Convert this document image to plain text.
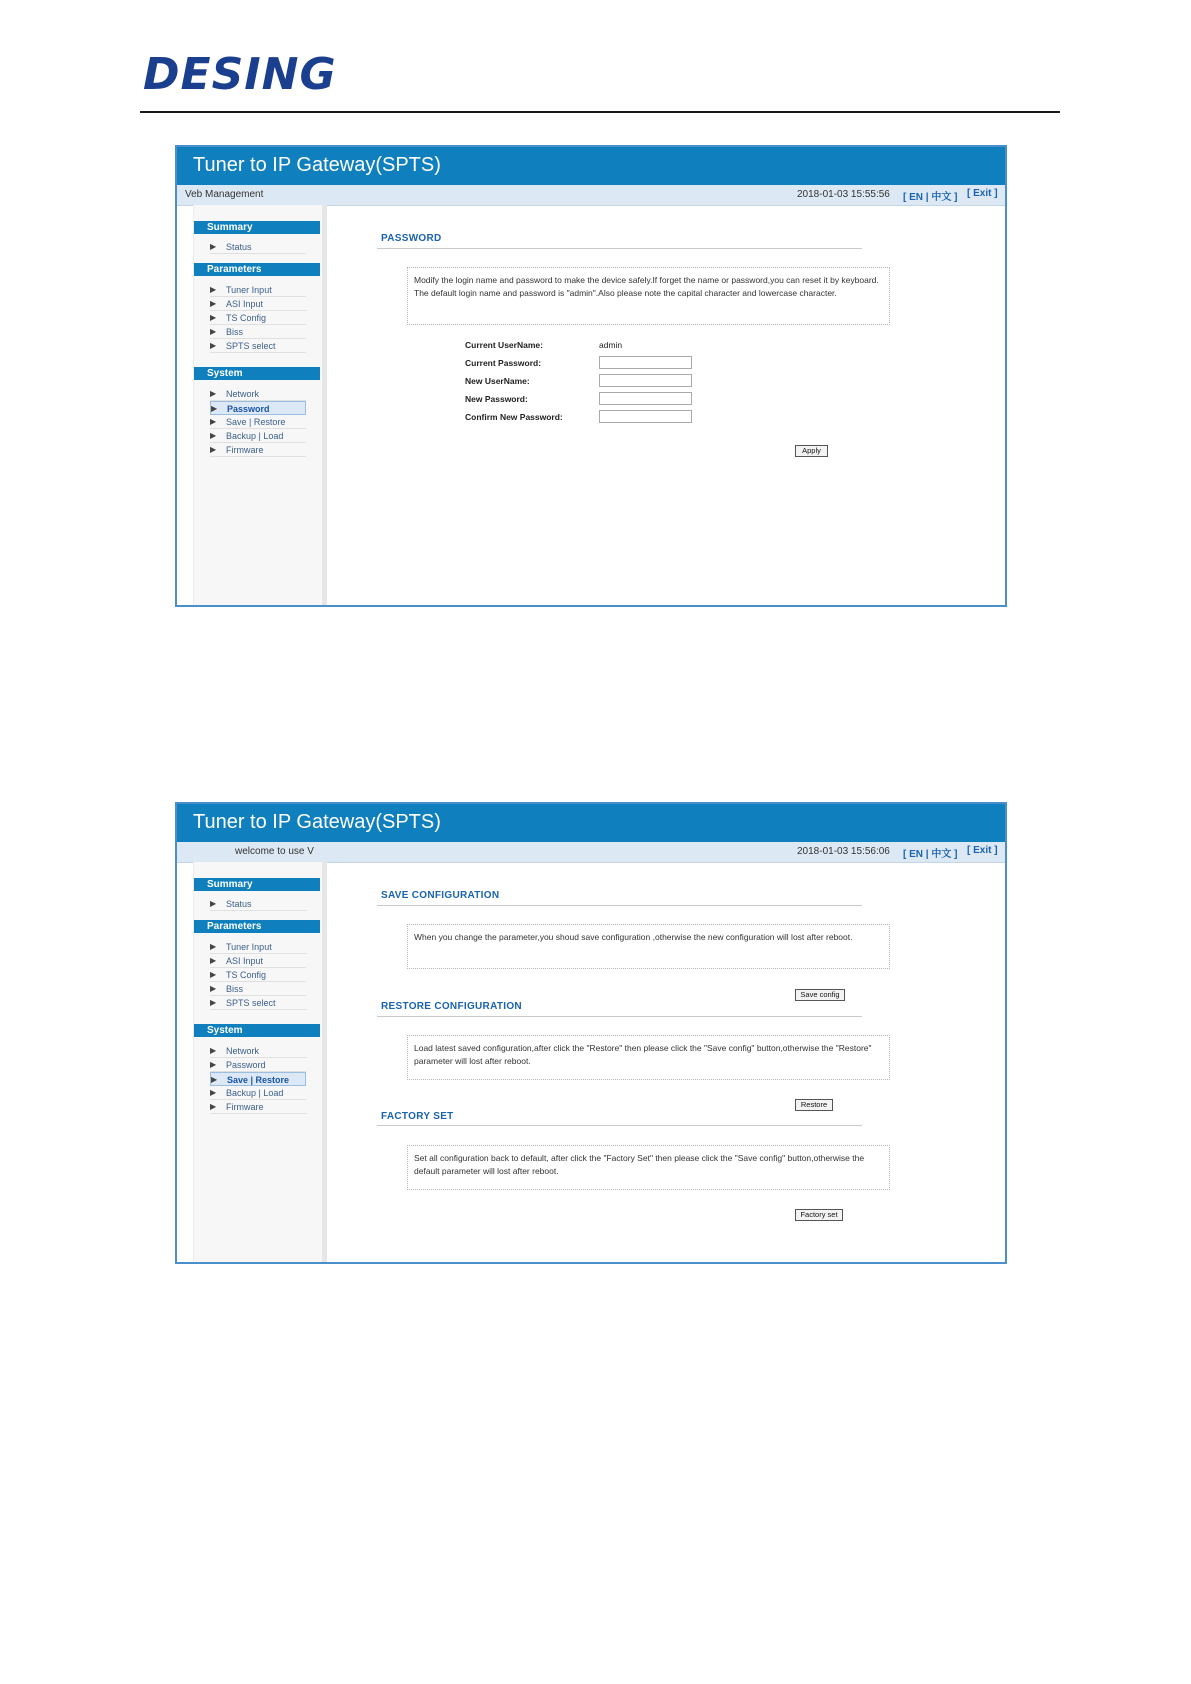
DESING
Tuner to IP Gateway(SPTS)
Veb Management	2018-01-03 15:55:56 [ EN | 中文 ] [ Exit ]
Summary
▶ Status
Parameters
▶ Tuner Input
▶ ASI Input
▶ TS Config
▶ Biss
▶ SPTS select
System
▶ Network
▶ Password
▶ Save | Restore
▶ Backup | Load
▶ Firmware
PASSWORD
Modify the login name and password to make the device safely.If forget the name or password,you can reset it by keyboard. The default login name and password is "admin".Also please note the capital character and lowercase character.
Current UserName:	admin
Current Password:
New UserName:
New Password:
Confirm New Password:
Apply
Tuner to IP Gateway(SPTS)
welcome to use V	2018-01-03 15:56:06 [ EN | 中文 ] [ Exit ]
Summary
▶ Status
Parameters
▶ Tuner Input
▶ ASI Input
▶ TS Config
▶ Biss
▶ SPTS select
System
▶ Network
▶ Password
▶ Save | Restore
▶ Backup | Load
▶ Firmware
SAVE CONFIGURATION
When you change the parameter,you shoud save configuration ,otherwise the new configuration will lost after reboot.
Save config
RESTORE CONFIGURATION
Load latest saved configuration,after click the "Restore" then please click the "Save config" button,otherwise the "Restore" parameter will lost after reboot.
Restore
FACTORY SET
Set all configuration back to default, after click the "Factory Set" then please click the "Save config" button,otherwise the default parameter will lost after reboot.
Factory set
